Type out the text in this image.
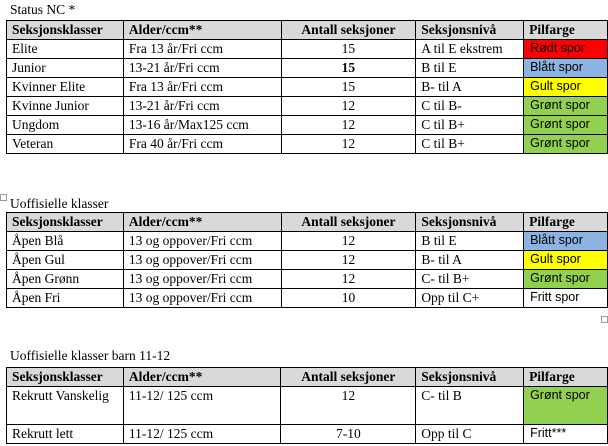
Status NC *
Seksjonsklasser	Alder/ccm**	Antall seksjoner	Seksjonsnivå	Pilfarge
Elite	Fra 13 år/Fri ccm	15	A til E ekstrem	Rødt spor
Junior	13-21 år/Fri ccm	15	B til E	Blått spor
Kvinner Elite	Fra 13 år/Fri ccm	15	B- til A	Gult spor
Kvinne Junior	13-21 år/Fri ccm	12	C til B-	Grønt spor
Ungdom	13-16 år/Max125 ccm	12	C til B+	Grønt spor
Veteran	Fra 40 år/Fri ccm	12	C til B+	Grønt spor
Uoffisielle klasser
Seksjonsklasser	Alder/ccm**	Antall seksjoner	Seksjonsnivå	Pilfarge
Åpen Blå	13 og oppover/Fri ccm	12	B til E	Blått spor
Åpen Gul	13 og oppover/Fri ccm	12	B- til A	Gult spor
Åpen Grønn	13 og oppover/Fri ccm	12	C- til B+	Grønt spor
Åpen Fri	13 og oppover/Fri ccm	10	Opp til C+	Fritt spor
Uoffisielle klasser barn 11-12
Seksjonsklasser	Alder/ccm**	Antall seksjoner	Seksjonsnivå	Pilfarge
Rekrutt Vanskelig	11-12/ 125 ccm	12	C- til B	Grønt spor
Rekrutt lett	11-12/ 125 ccm	7-10	Opp til C	Fritt***
